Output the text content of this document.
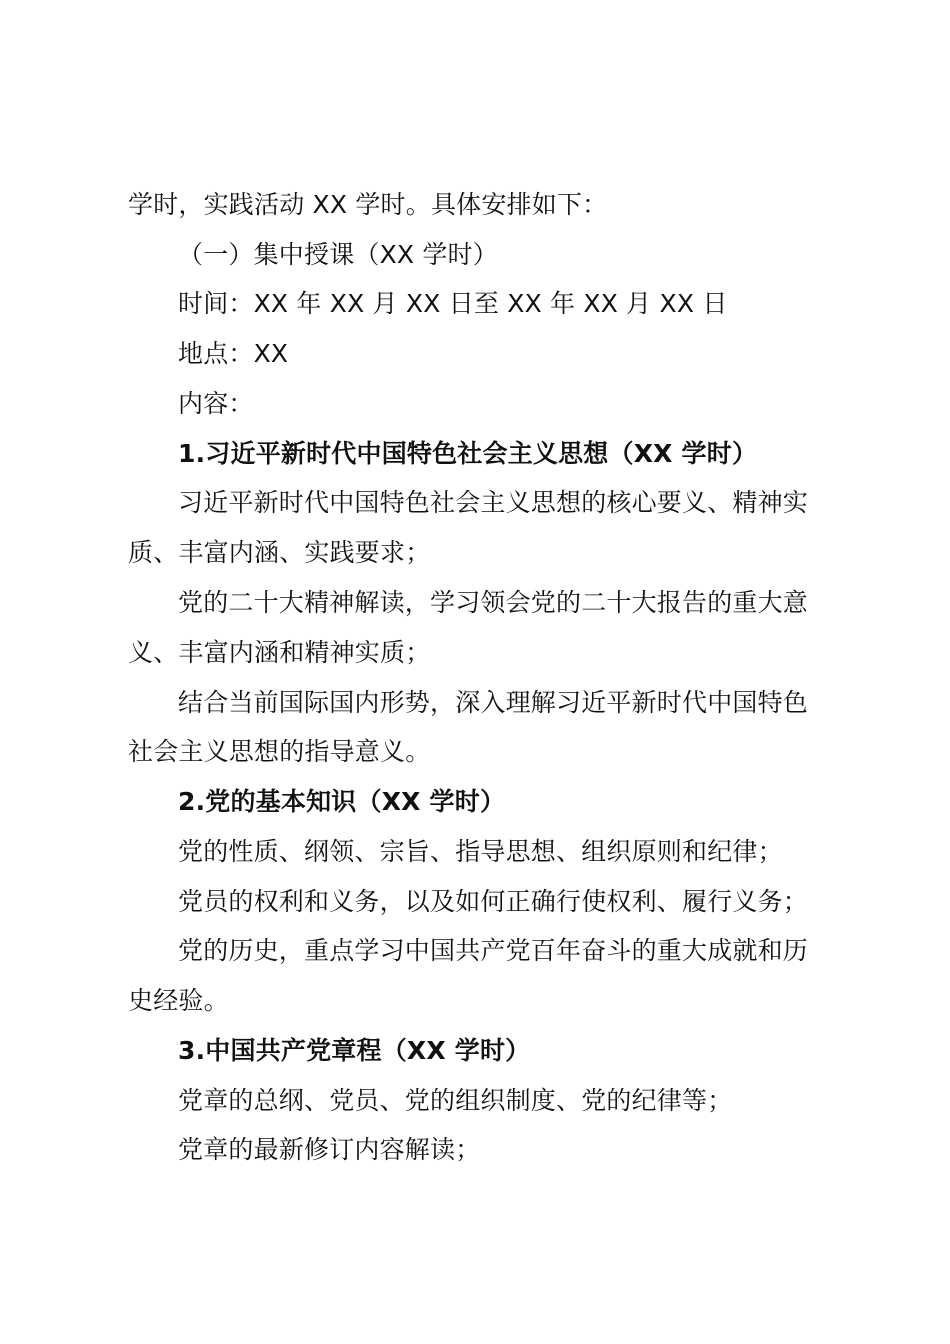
学时，实践活动 XX 学时。具体安排如下：
（一）集中授课（XX 学时）
时间：XX 年 XX 月 XX 日至 XX 年 XX 月 XX 日
地点：XX
内容：
1.习近平新时代中国特色社会主义思想（XX 学时）
习近平新时代中国特色社会主义思想的核心要义、精神实
质、丰富内涵、实践要求；
党的二十大精神解读，学习领会党的二十大报告的重大意
义、丰富内涵和精神实质；
结合当前国际国内形势，深入理解习近平新时代中国特色
社会主义思想的指导意义。
2.党的基本知识（XX 学时）
党的性质、纲领、宗旨、指导思想、组织原则和纪律；
党员的权利和义务，以及如何正确行使权利、履行义务；
党的历史，重点学习中国共产党百年奋斗的重大成就和历
史经验。
3.中国共产党章程（XX 学时）
党章的总纲、党员、党的组织制度、党的纪律等；
党章的最新修订内容解读；
